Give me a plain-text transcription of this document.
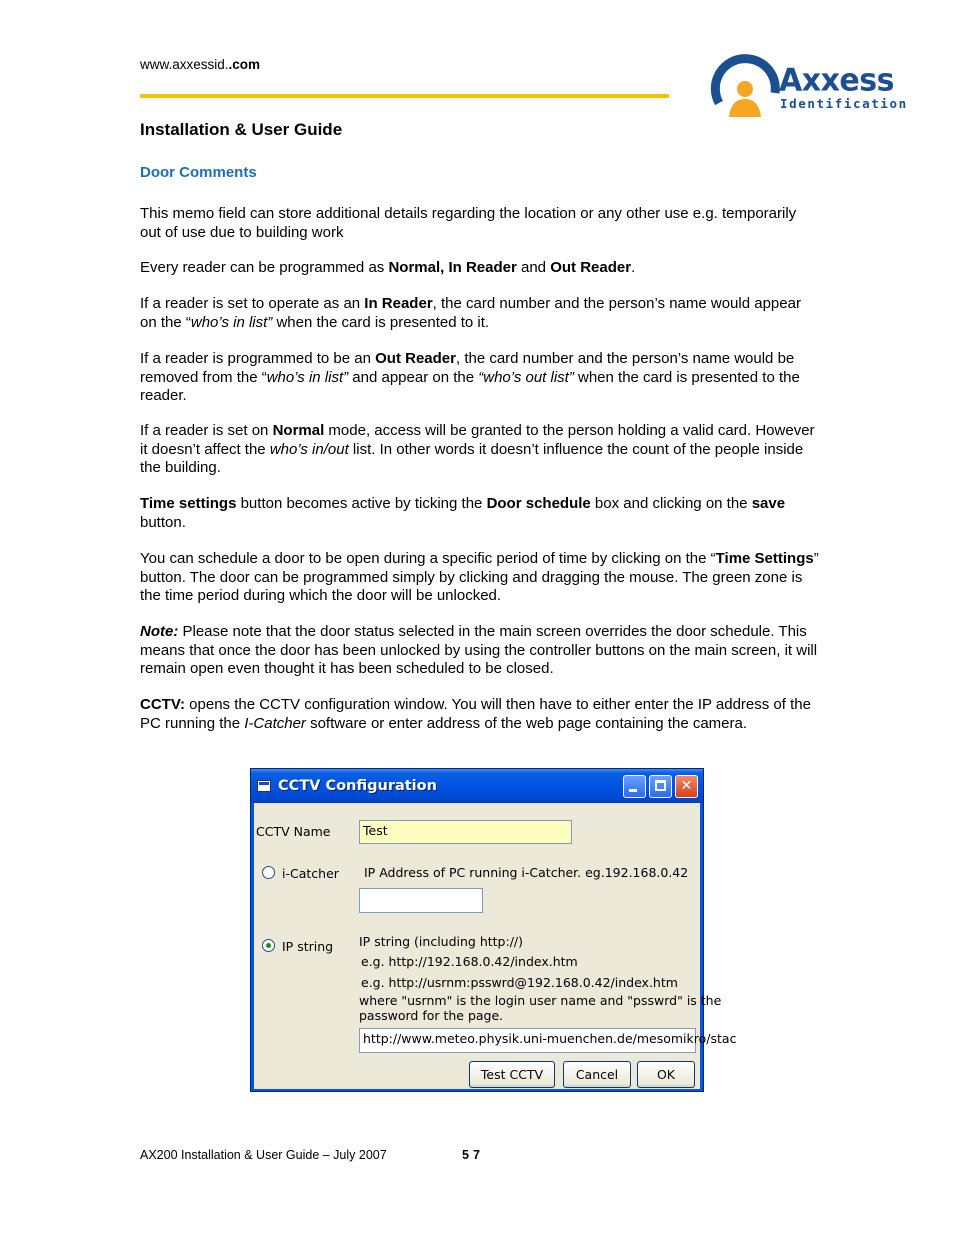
www.axxessid..com	Axxess
Identification
Installation & User Guide
Door Comments

This memo field can store additional details regarding the location or any other use e.g. temporarily out of use due to building work

Every reader can be programmed as Normal, In Reader and Out Reader.

If a reader is set to operate as an In Reader, the card number and the person’s name would appear on the “who’s in list” when the card is presented to it.

If a reader is programmed to be an Out Reader, the card number and the person’s name would be removed from the “who’s in list” and appear on the “who’s out list” when the card is presented to the reader.

If a reader is set on Normal mode, access will be granted to the person holding a valid card. However it doesn’t affect the who’s in/out list. In other words it doesn’t influence the count of the people inside the building.

Time settings button becomes active by ticking the Door schedule box and clicking on the save button.

You can schedule a door to be open during a specific period of time by clicking on the “Time Settings” button. The door can be programmed simply by clicking and dragging the mouse. The green zone is the time period during which the door will be unlocked.

Note: Please note that the door status selected in the main screen overrides the door schedule. This means that once the door has been unlocked by using the controller buttons on the main screen, it will remain open even thought it has been scheduled to be closed.

CCTV: opens the CCTV configuration window. You will then have to either enter the IP address of the PC running the I-Catcher software or enter address of the web page containing the camera.

CCTV Configuration	✕
CCTV Name	Test
i-Catcher IP Address of PC running i-Catcher. eg.192.168.0.42
IP string IP string (including http://)
e.g. http://192.168.0.42/index.htm
e.g. http://usrnm:psswrd@192.168.0.42/index.htm
where "usrnm" is the login user name and "psswrd" is the
password for the page.
http://www.meteo.physik.uni-muenchen.de/mesomikro/stac
Test CCTV	Cancel	OK
AX200 Installation & User Guide – July 2007	57
